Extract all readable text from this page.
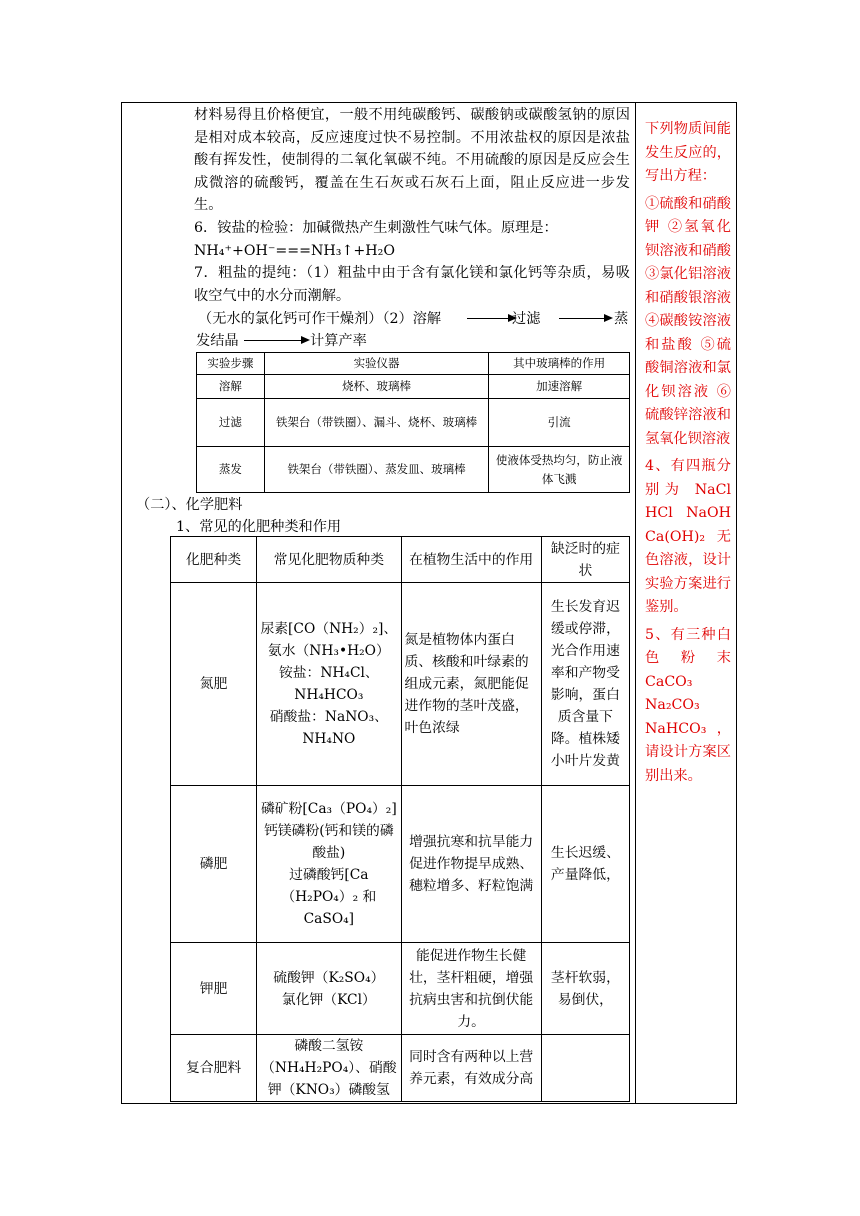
材料易得且价格便宜，一般不用纯碳酸钙、碳酸钠或碳酸氢钠的原因是相对成本较高，反应速度过快不易控制。不用浓盐权的原因是浓盐酸有挥发性，使制得的二氧化氧碳不纯。不用硫酸的原因是反应会生成微溶的硫酸钙，覆盖在生石灰或石灰石上面，阻止反应进一步发生。

6．铵盐的检验：加碱微热产生刺激性气味气体。原理是：

NH₄⁺+OH⁻===NH₃↑+H₂O

7．粗盐的提纯：（1）粗盐中由于含有氯化镁和氯化钙等杂质，易吸收空气中的水分而潮解。

（无水的氯化钙可作干燥剂）（2）溶解	过滤	蒸
发结晶	计算产率
实验步骤	实验仪器	其中玻璃棒的作用
溶解	烧杯、玻璃棒	加速溶解
过滤	铁架台（带铁圈）、漏斗、烧杯、玻璃棒	引流
蒸发	铁架台（带铁圈）、蒸发皿、玻璃棒	使液体受热均匀，防止液体飞溅
（二）、化学肥料
1、常见的化肥种类和作用
化肥种类	常见化肥物质种类	在植物生活中的作用	缺泛时的症状
氮肥	尿素[CO（NH₂）₂]、
氨水（NH₃•H₂O）
铵盐：NH₄Cl、NH₄HCO₃
硝酸盐：NaNO₃、NH₄NO	氮是植物体内蛋白质、核酸和叶绿素的组成元素，氮肥能促进作物的茎叶茂盛，叶色浓绿	生长发育迟缓或停滞，光合作用速率和产物受影响，蛋白质含量下降。植株矮小叶片发黄
磷肥	磷矿粉[Ca₃（PO₄）₂]
钙镁磷粉(钙和镁的磷酸盐)
过磷酸钙[Ca（H₂PO₄）₂ 和 CaSO₄]	增强抗寒和抗旱能力促进作物提早成熟、穗粒增多、籽粒饱满	生长迟缓、产量降低，
钾肥	硫酸钾（K₂SO₄）
氯化钾（KCl）	能促进作物生长健壮，茎杆粗硬，增强抗病虫害和抗倒伏能力。	茎杆软弱，易倒伏，
复合肥料	磷酸二氢铵（NH₄H₂PO₄）、硝酸钾（KNO₃）磷酸氢	同时含有两种以上营养元素，有效成分高	

下列物质间能发生反应的，写出方程：

①硫酸和硝酸钾 ②氢氧化钡溶液和硝酸 ③氯化铝溶液和硝酸银溶液 ④碳酸铵溶液和盐酸 ⑤硫酸铜溶液和氯化钡溶液 ⑥硫酸锌溶液和氢氧化钡溶液

4、有四瓶分别为 NaCl HCl NaOH Ca(OH)₂ 无色溶液，设计实验方案进行鉴别。

5、有三种白色粉末 CaCO₃ Na₂CO₃ NaHCO₃，请设计方案区别出来。
